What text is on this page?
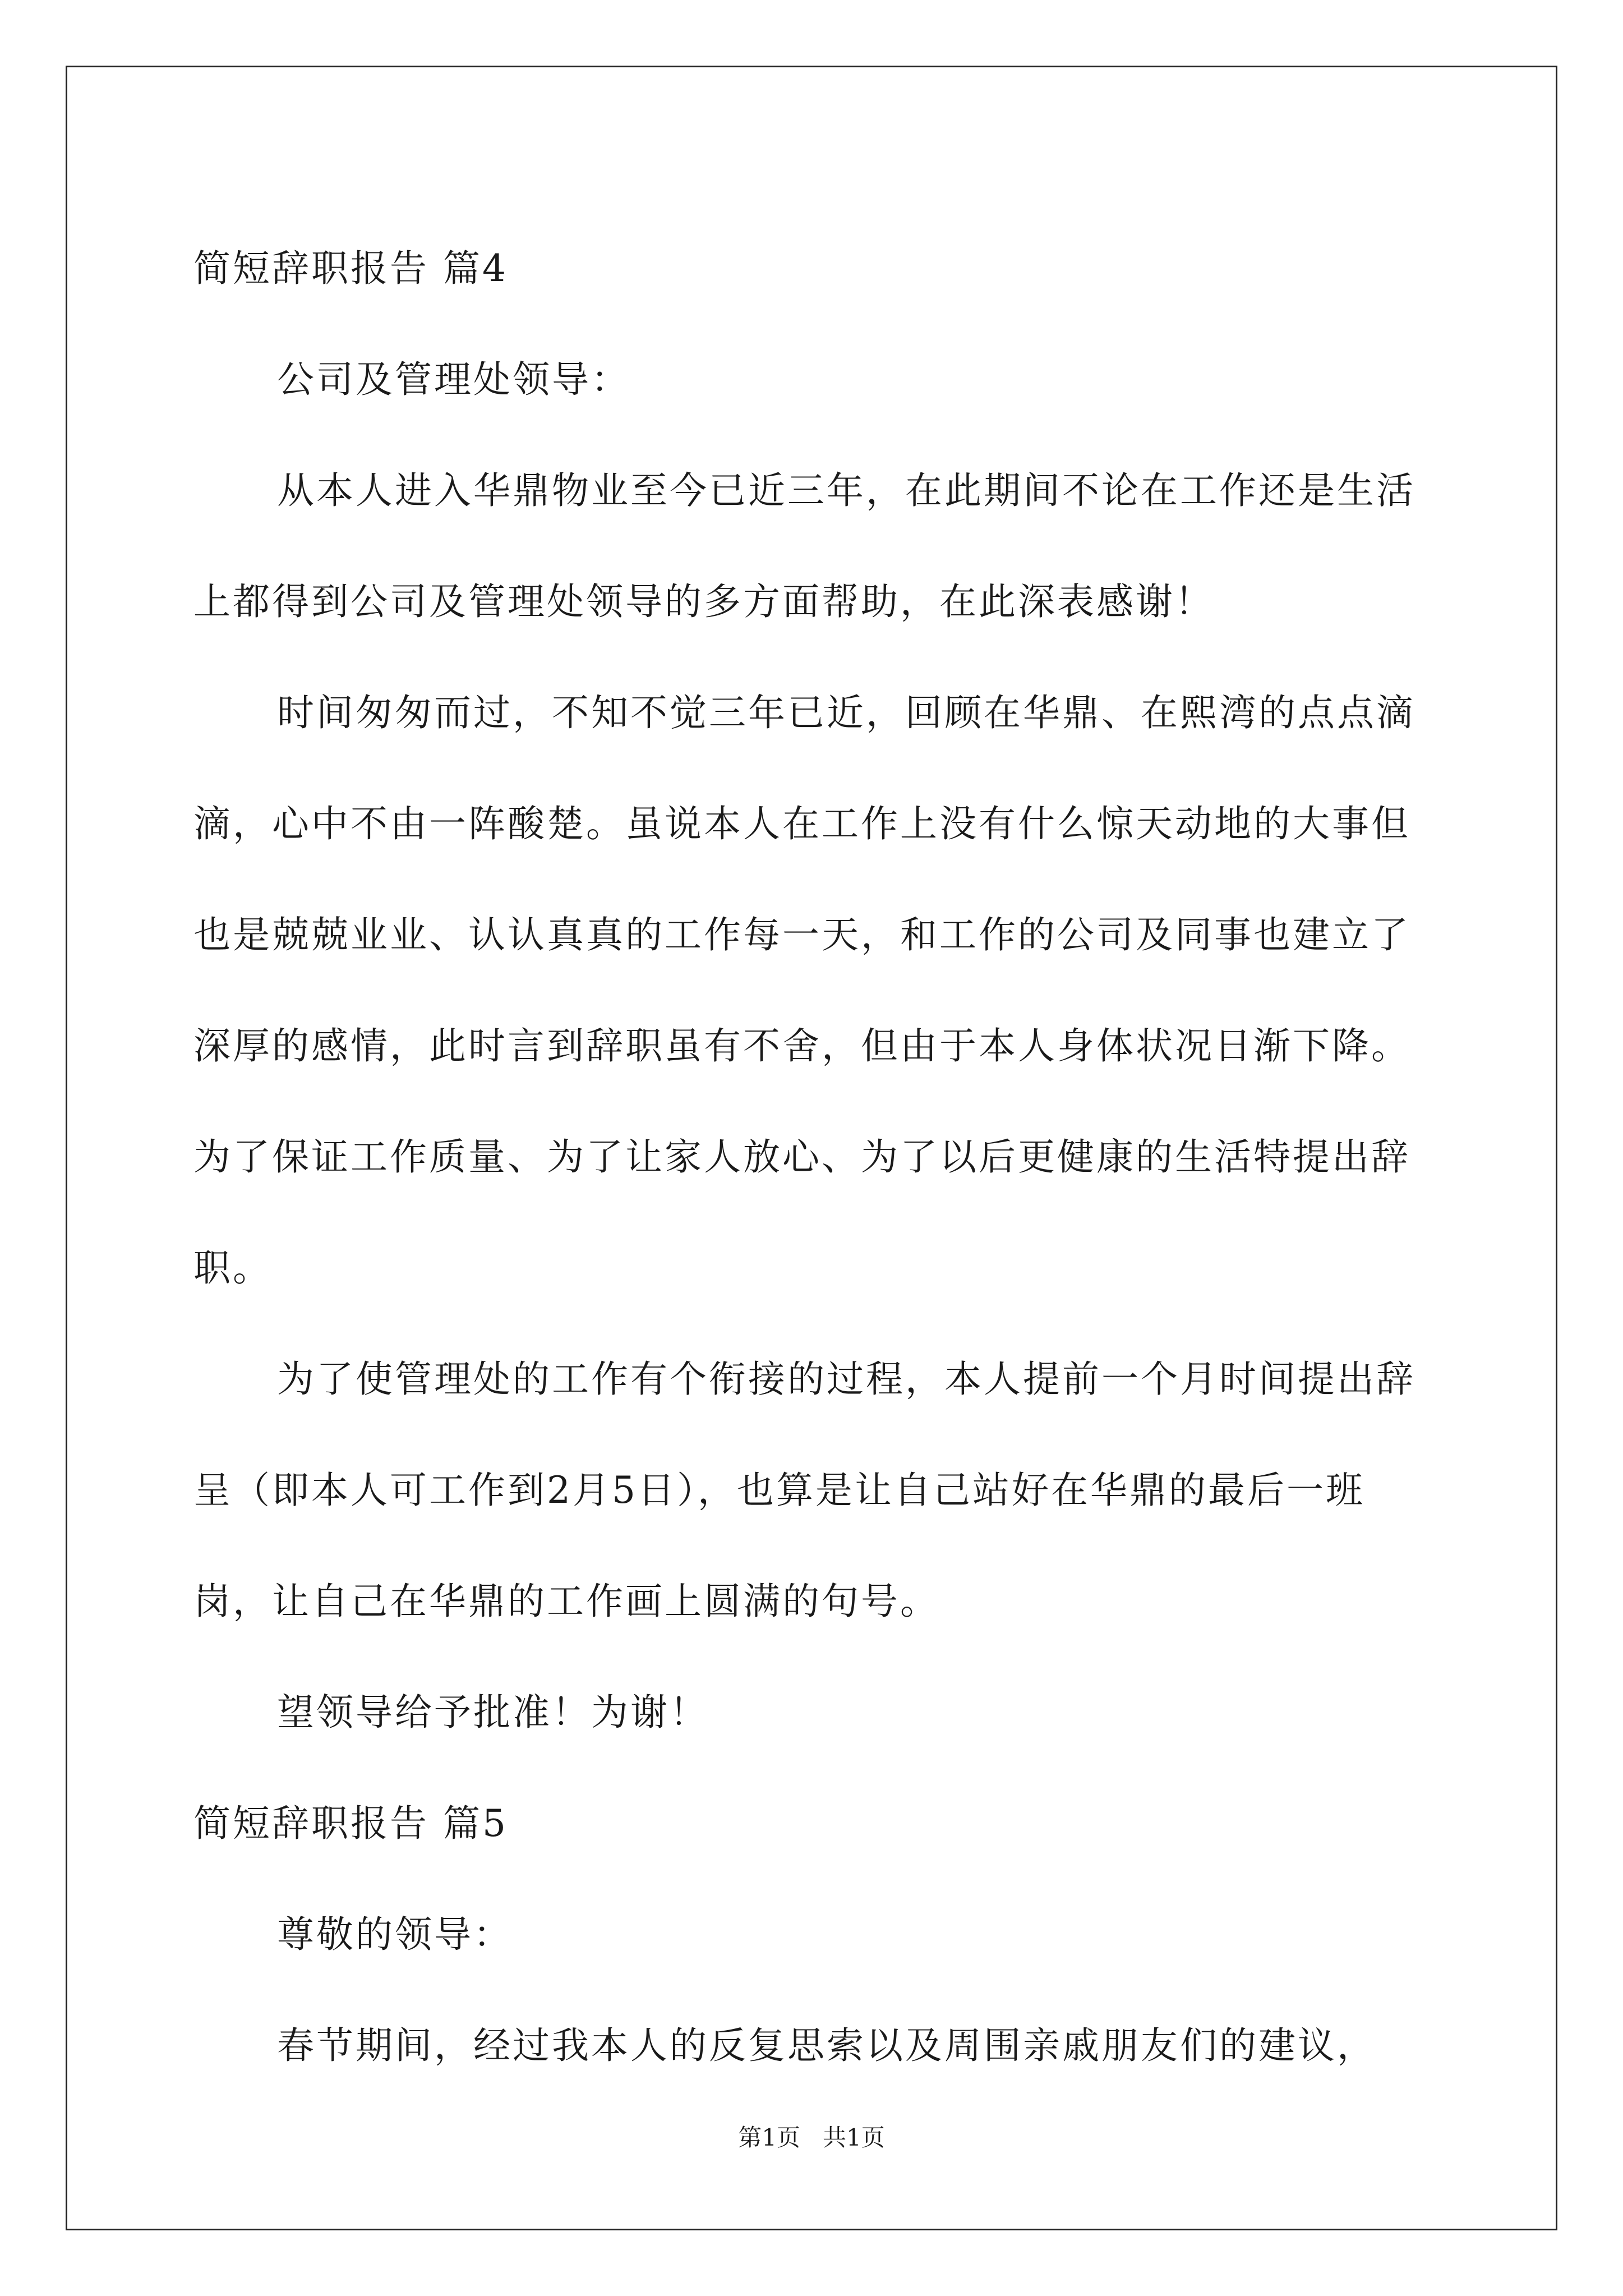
简短辞职报告 篇4

公司及管理处领导：

从本人进入华鼎物业至今已近三年，在此期间不论在工作还是生活上都得到公司及管理处领导的多方面帮助，在此深表感谢！

时间匆匆而过，不知不觉三年已近，回顾在华鼎、在熙湾的点点滴滴，心中不由一阵酸楚。虽说本人在工作上没有什么惊天动地的大事但也是兢兢业业、认认真真的工作每一天，和工作的公司及同事也建立了深厚的感情，此时言到辞职虽有不舍，但由于本人身体状况日渐下降。为了保证工作质量、为了让家人放心、为了以后更健康的生活特提出辞职。

为了使管理处的工作有个衔接的过程，本人提前一个月时间提出辞呈（即本人可工作到2月5日），也算是让自己站好在华鼎的最后一班岗，让自己在华鼎的工作画上圆满的句号。

望领导给予批准！为谢！

简短辞职报告 篇5

尊敬的领导：

春节期间，经过我本人的反复思索以及周围亲戚朋友们的建议，

第1页 共1页
